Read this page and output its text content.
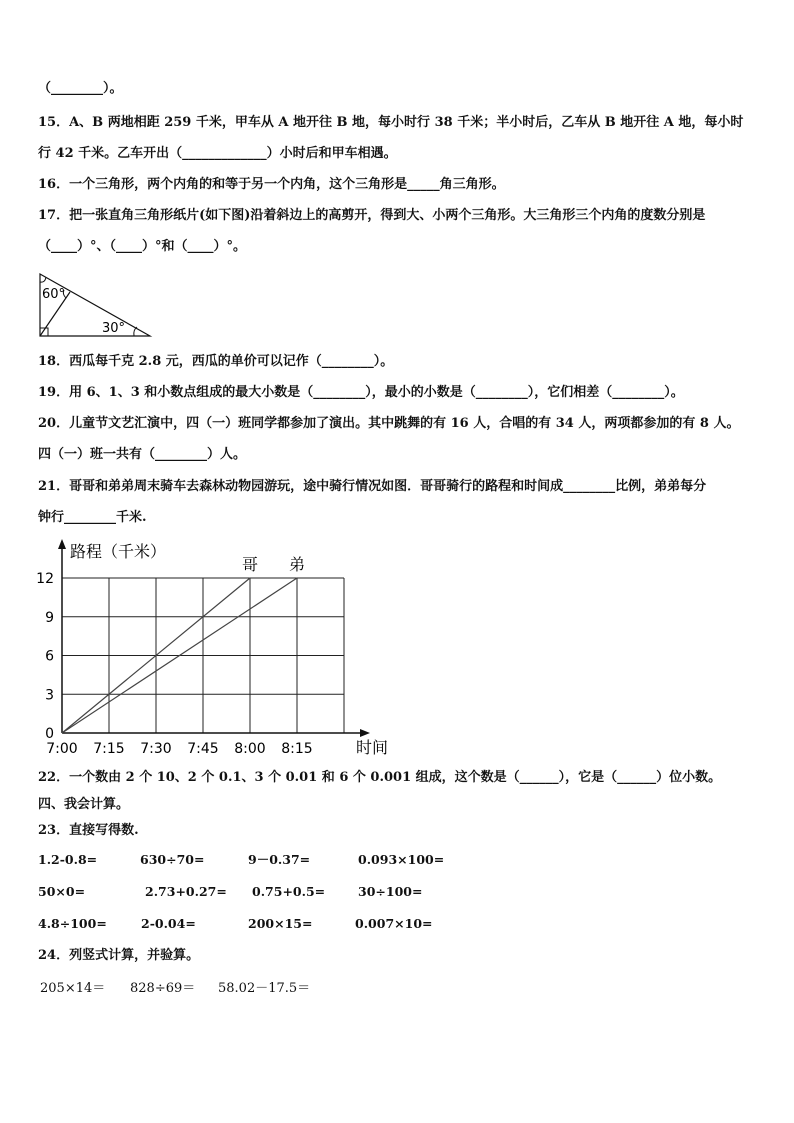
（________）。
15．A、B 两地相距 259 千米，甲车从 A 地开往 B 地，每小时行 38 千米；半小时后，乙车从 B 地开往 A 地，每小时
行 42 千米。乙车开出（_____________）小时后和甲车相遇。
16．一个三角形，两个内角的和等于另一个内角，这个三角形是_____角三角形。
17．把一张直角三角形纸片(如下图)沿着斜边上的高剪开，得到大、小两个三角形。大三角形三个内角的度数分别是
（____）°、（____）°和（____）°。
60°
30°
18．西瓜每千克 2.8 元，西瓜的单价可以记作（________）。
19．用 6、1、3 和小数点组成的最大小数是（________），最小的小数是（________），它们相差（________）。
20．儿童节文艺汇演中，四（一）班同学都参加了演出。其中跳舞的有 16 人，合唱的有 34 人，两项都参加的有 8 人。
四（一）班一共有（________）人。
21．哥哥和弟弟周末骑车去森林动物园游玩，途中骑行情况如图．哥哥骑行的路程和时间成________比例，弟弟每分
钟行________千米.
0
3
6
9
12
7:00 7:15 7:30 7:45 8:00 8:15
路程（千米）
时间
哥 弟
22．一个数由 2 个 10、2 个 0.1、3 个 0.01 和 6 个 0.001 组成，这个数是（______），它是（______）位小数。
四、我会计算。
23．直接写得数.
1.2-0.8=	630÷70=	9－0.37=	0.093×100=
50×0=	2.73+0.27= 0.75+0.5=	30÷100=
4.8÷100=	2-0.04=	200×15=	0.007×10=
24．列竖式计算，并验算。
205×14＝ 828÷69＝ 58.02－17.5＝
